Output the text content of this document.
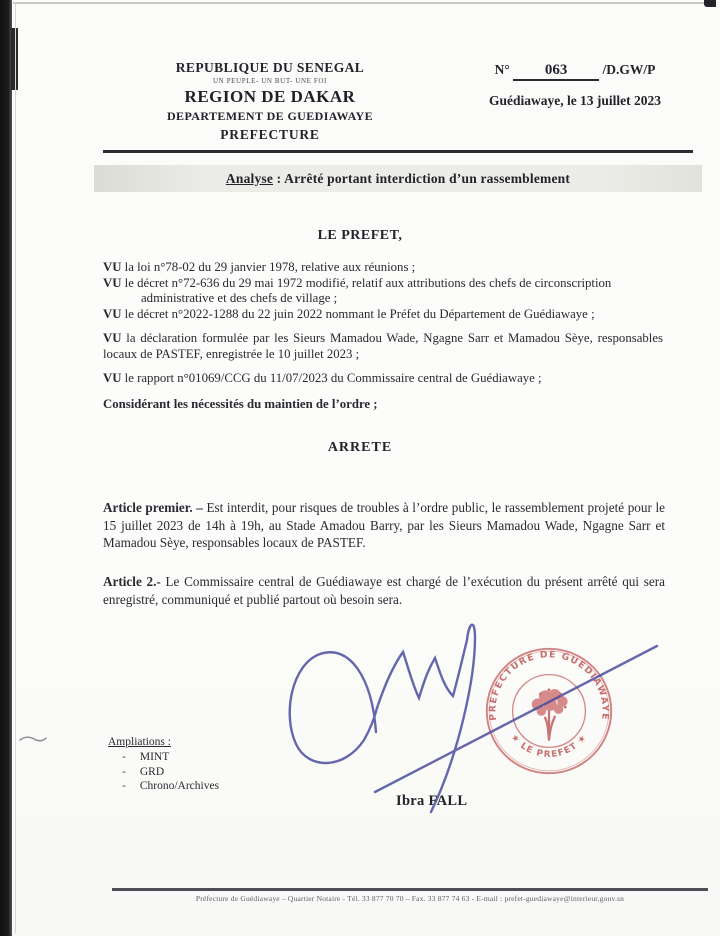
REPUBLIQUE DU SENEGAL
UN PEUPLE- UN BUT- UNE FOI
REGION DE DAKAR
DEPARTEMENT DE GUEDIAWAYE
PREFECTURE
N° 063	/D.GW/P
Guédiawaye, le 13 juillet 2023
Analyse : Arrêté portant interdiction d’un rassemblement
LE PREFET,

VU la loi n°78-02 du 29 janvier 1978, relative aux réunions ;

VU le décret n°72-636 du 29 mai 1972 modifié, relatif aux attributions des chefs de circonscription administrative et des chefs de village ;

VU le décret n°2022-1288 du 22 juin 2022 nommant le Préfet du Département de Guédiawaye ;

VU la déclaration formulée par les Sieurs Mamadou Wade, Ngagne Sarr et Mamadou Sèye, responsables locaux de PASTEF, enregistrée le 10 juillet 2023 ;

VU le rapport n°01069/CCG du 11/07/2023 du Commissaire central de Guédiawaye ;

Considérant les nécessités du maintien de l’ordre ;

ARRETE

Article premier. – Est interdit, pour risques de troubles à l’ordre public, le rassemblement projeté pour le 15 juillet 2023 de 14h à 19h, au Stade Amadou Barry, par les Sieurs Mamadou Wade, Ngagne Sarr et Mamadou Sèye, responsables locaux de PASTEF.

Article 2.- Le Commissaire central de Guédiawaye est chargé de l’exécution du présent arrêté qui sera enregistré, communiqué et publié partout où besoin sera.

PREFECTURE DE GUEDIAWAYE
★ LE PREFET ★
Ibra FALL
Ampliations :
- MINT
- GRD
- Chrono/Archives
Préfecture de Guédiawaye – Quartier Notaire - Tél. 33 877 70 70 – Fax. 33 877 74 63 - E-mail : prefet-guediawaye@interieur.gouv.sn
